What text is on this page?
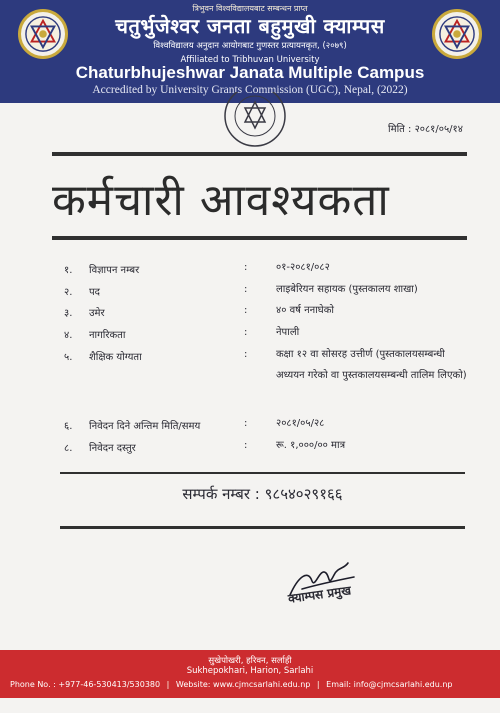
त्रिभुवन विश्वविद्यालयबाट सम्बन्धन प्राप्त
चतुर्भुजेश्वर जनता बहुमुखी क्याम्पस
विश्वविद्यालय अनुदान आयोगबाट गुणस्तर प्रत्यायनकृत, (२०७९)
Affiliated to Tribhuvan University
Chaturbhujeshwar Janata Multiple Campus
Accredited by University Grants Commission (UGC), Nepal, (2022)
मिति : २०८१/०५/१४
कर्मचारी आवश्यकता
१.	विज्ञापन नम्बर	:	०१-२०८१/०८२
२.	पद	:	लाइबेरियन सहायक (पुस्तकालय शाखा)
३.	उमेर	:	४० वर्ष ननाघेको
४.	नागरिकता	:	नेपाली
५.	शैक्षिक योग्यता	:	कक्षा १२ वा सोसरह उत्तीर्ण (पुस्तकालयसम्बन्धी अध्ययन गरेको वा पुस्तकालयसम्बन्धी तालिम लिएको)
६.	निवेदन दिने अन्तिम मिति/समय	:	२०८१/०५/२८
८.	निवेदन दस्तुर	:	रू. १,०००/०० मात्र
सम्पर्क नम्बर : ९८५४०२९१६६
क्याम्पस प्रमुख
सुखेपोखरी, हरिवन, सर्लाही
Sukhepokhari, Harion, Sarlahi
Phone No. : +977-46-530413/530380 | Website: www.cjmcsarlahi.edu.np | Email: info@cjmcsarlahi.edu.np
